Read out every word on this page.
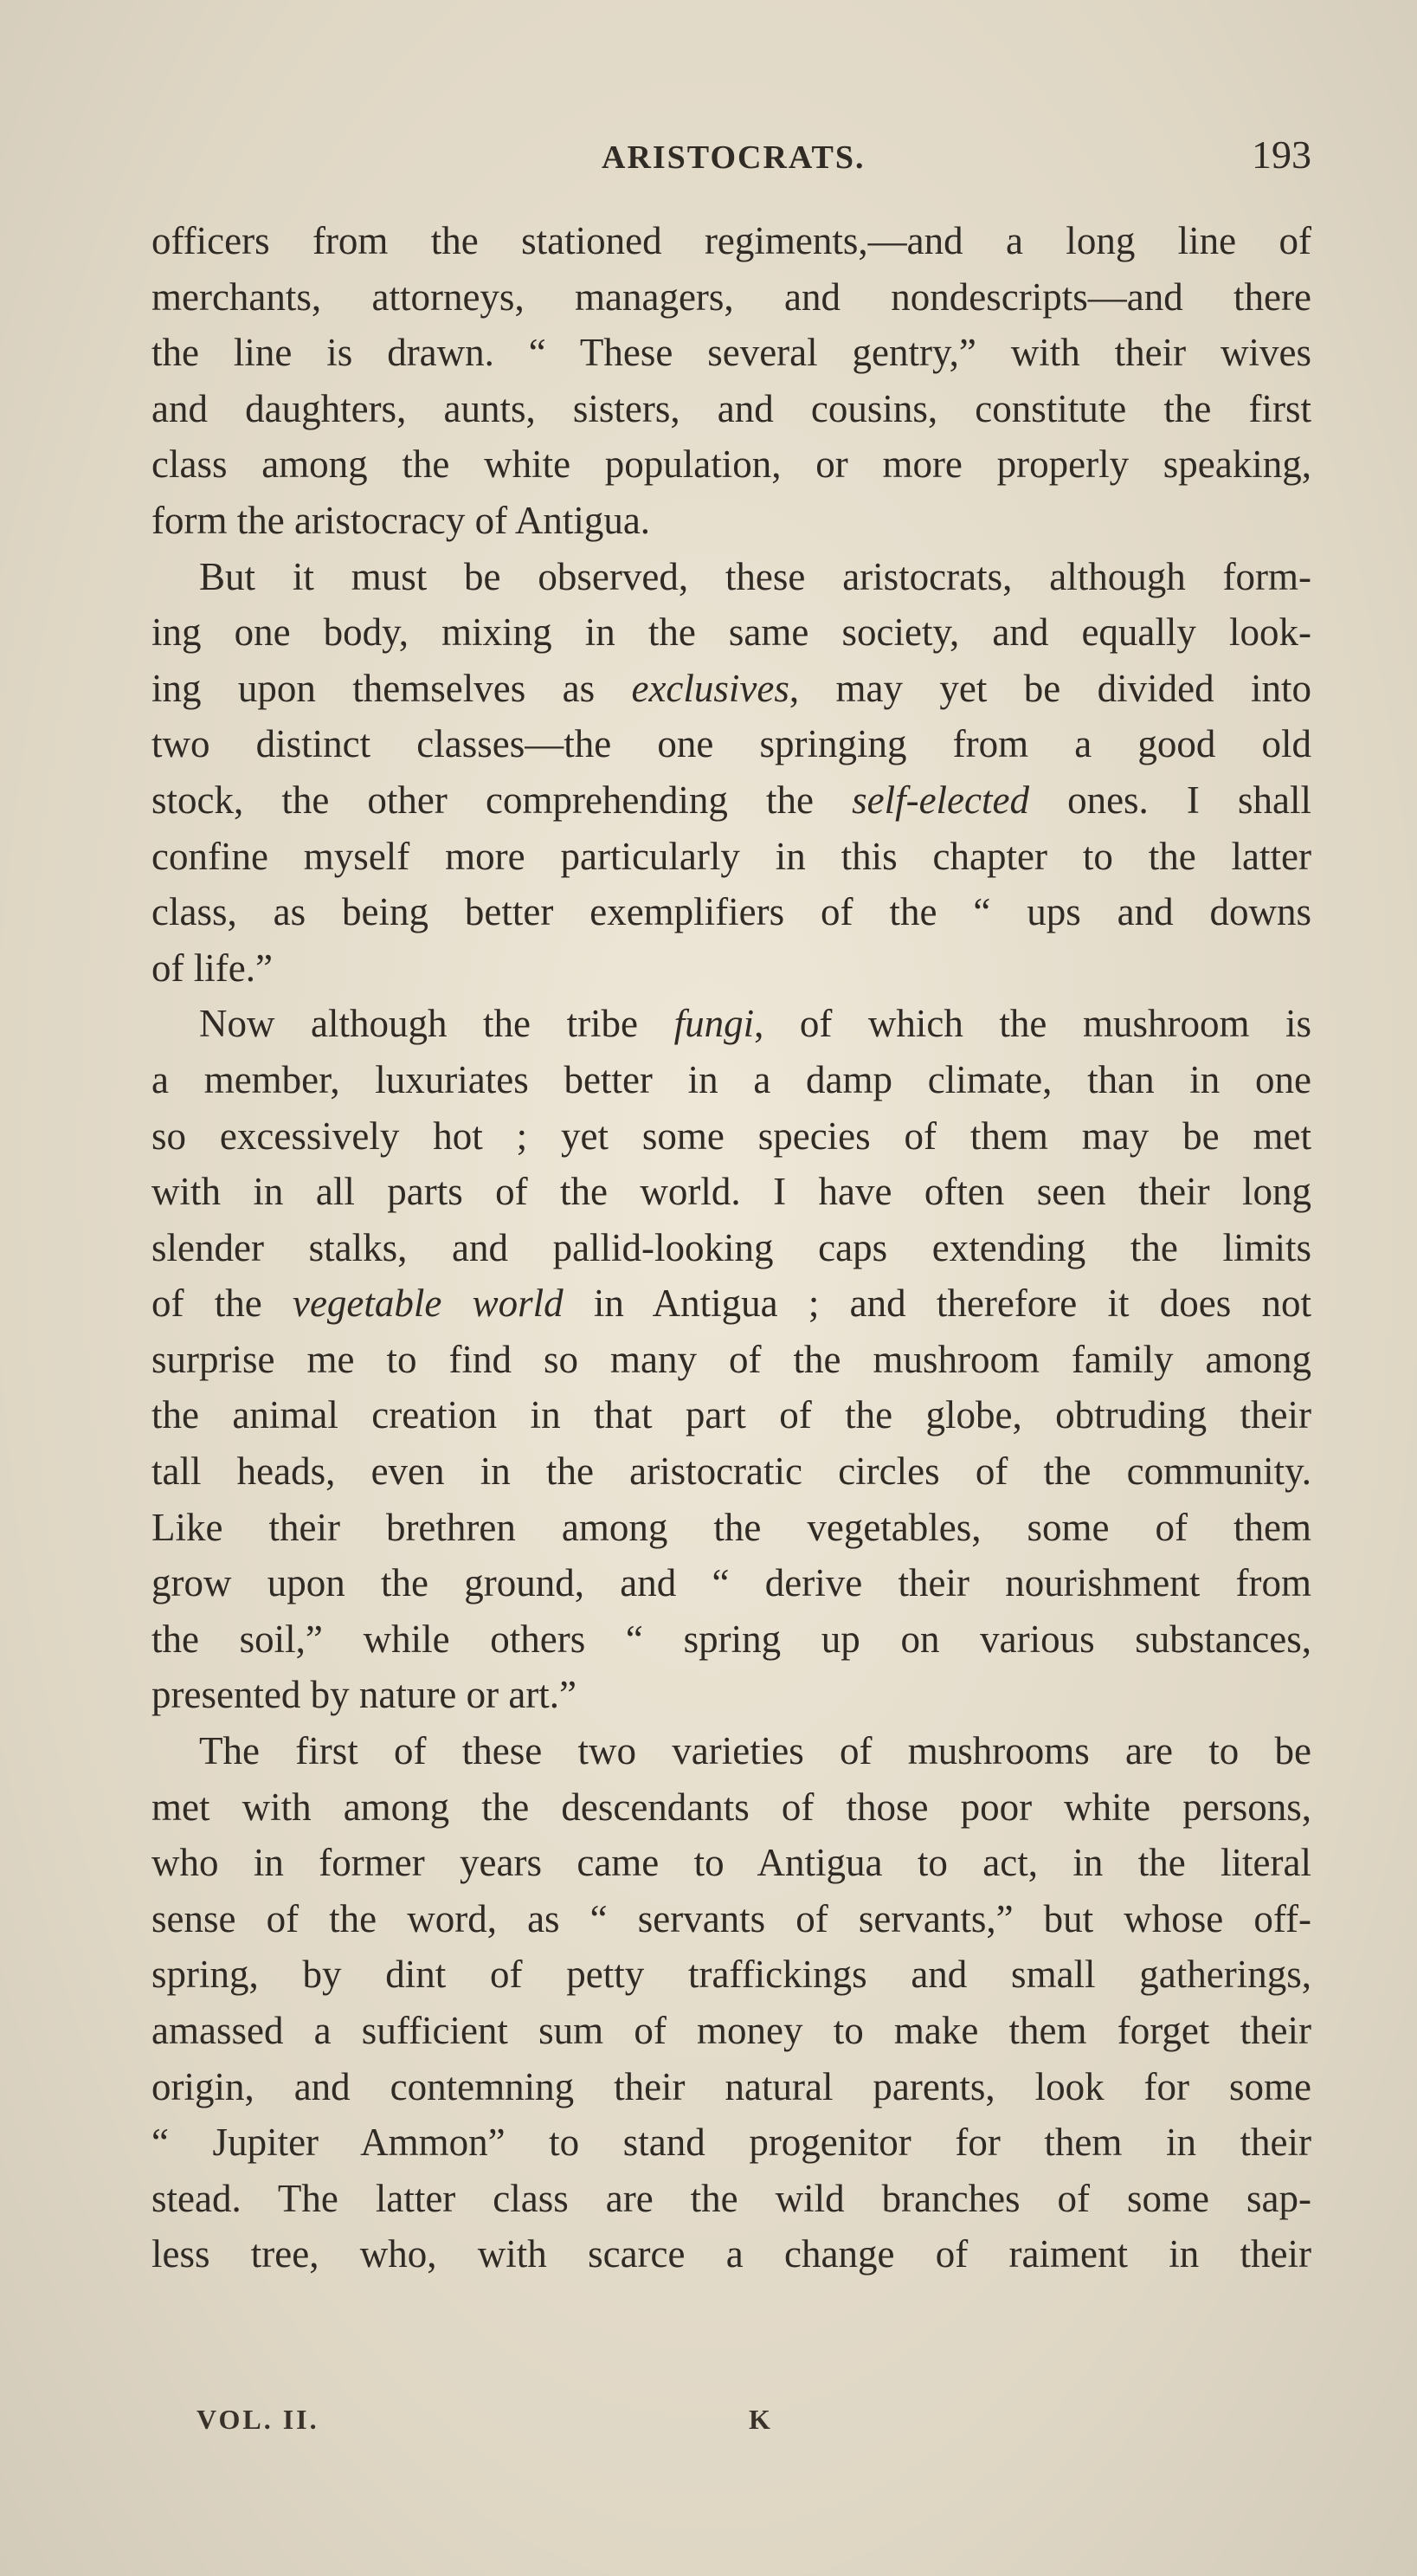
ARISTOCRATS.	193
officers from the stationed regiments,—and a long line of
merchants, attorneys, managers, and nondescripts—and there
the line is drawn. “ These several gentry,” with their wives
and daughters, aunts, sisters, and cousins, constitute the first
class among the white population, or more properly speaking,
form the aristocracy of Antigua.
But it must be observed, these aristocrats, although form-
ing one body, mixing in the same society, and equally look-
ing upon themselves as exclusives, may yet be divided into
two distinct classes—the one springing from a good old
stock, the other comprehending the self-elected ones. I shall
confine myself more particularly in this chapter to the latter
class, as being better exemplifiers of the “ ups and downs
of life.”
Now although the tribe fungi, of which the mushroom is
a member, luxuriates better in a damp climate, than in one
so excessively hot ; yet some species of them may be met
with in all parts of the world. I have often seen their long
slender stalks, and pallid-looking caps extending the limits
of the vegetable world in Antigua ; and therefore it does not
surprise me to find so many of the mushroom family among
the animal creation in that part of the globe, obtruding their
tall heads, even in the aristocratic circles of the community.
Like their brethren among the vegetables, some of them
grow upon the ground, and “ derive their nourishment from
the soil,” while others “ spring up on various substances,
presented by nature or art.”
The first of these two varieties of mushrooms are to be
met with among the descendants of those poor white persons,
who in former years came to Antigua to act, in the literal
sense of the word, as “ servants of servants,” but whose off-
spring, by dint of petty traffickings and small gatherings,
amassed a sufficient sum of money to make them forget their
origin, and contemning their natural parents, look for some
“ Jupiter Ammon” to stand progenitor for them in their
stead. The latter class are the wild branches of some sap-
less tree, who, with scarce a change of raiment in their
VOL. II.	K
